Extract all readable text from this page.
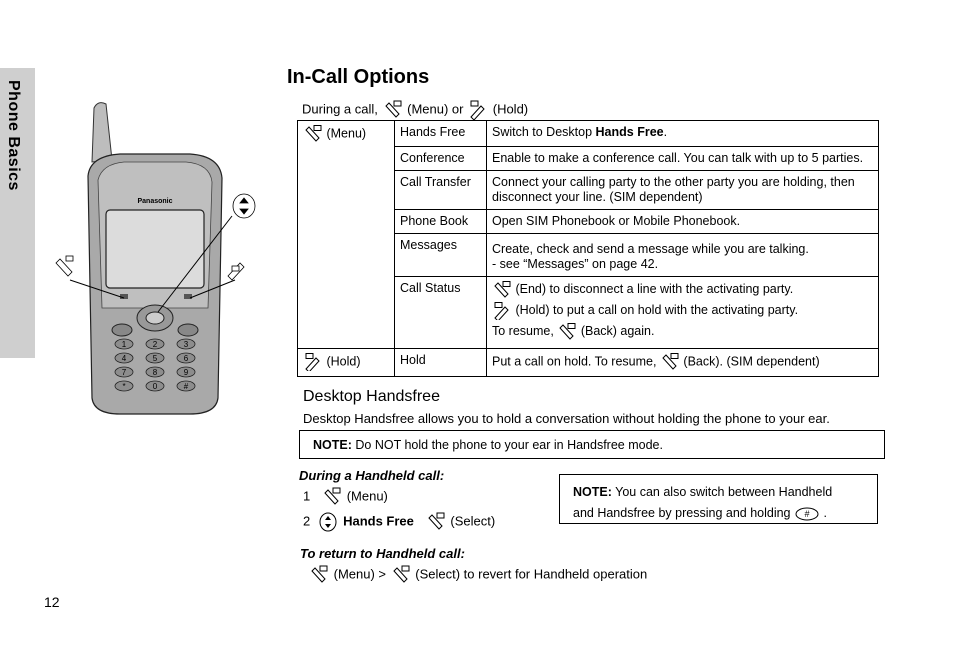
Phone Basics
12
Panasonic
1	2	3
4	5	6
7	8	9
*	0	#
In-Call Options
During a call, (Menu) or (Hold)
(Menu)	Hands Free	Switch to Desktop Hands Free.
	Conference	Enable to make a conference call. You can talk with up to 5 parties.
	Call Transfer	Connect your calling party to the other party you are holding, then disconnect your line. (SIM dependent)
	Phone Book	Open SIM Phonebook or Mobile Phonebook.
	Messages	Create, check and send a message while you are talking.
- see “Messages” on page 42.

	Call Status	(End) to disconnect a line with the activating party.
(Hold) to put a call on hold with the activating party.
To resume, (Back) again.

(Hold)	Hold	Put a call on hold. To resume, (Back). (SIM dependent)
Desktop Handsfree
Desktop Handsfree allows you to hold a conversation without holding the phone to your ear.
NOTE: Do NOT hold the phone to your ear in Handsfree mode.
During a Handheld call:
1	(Menu)
2	Hands Free	(Select)
NOTE: You can also switch between Handheld
and Handsfree by pressing and holding # .
To return to Handheld call:
(Menu) > (Select) to revert for Handheld operation
